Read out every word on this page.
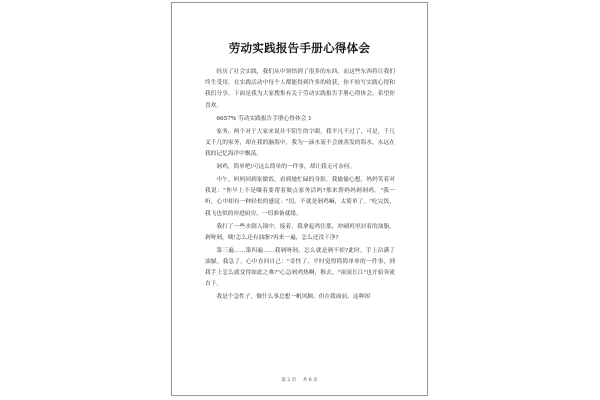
劳动实践报告手册心得体会

经历了社会实践，我们从中领悟到了很多的东西，而这些东西将让我们终生受用。在实践活动中每个人都能得到许多的收获，你不妨写实践心得和我们分享。下面是我为大家搜集有关于劳动实践报告手册心得体会，希望你喜欢。

6657% 劳动实践报告手册心得体会 1

家务，两个对于大家来说并不陌生的字眼。我平凡不过了，可是，千几叉千几的家务，却在我的脑海中，我为一滴水流不会被蒸发的海水，永远在我的记忆海洋中飘荡。

剁鸡，简单吧!可这么简单的一件事，却让我无可奈何。

中午，妈妈回到家做饭。看到她忙碌的身影，我偷偷心想，妈妈笑着对我说："你早上不是嚷着要帮着做点家务活吗?那来帮妈妈剁剁鸡。"我一听，心中却有一种轻松的感觉："切，不就是剁鸡嘛，太简单了。"吃完饭，我飞也似的冲进厨房，一切准备就绪。

我打了一些水倒入锅中，接着，我拿起鸡往那，冲刷鸡里封着的油脂，剁呀剁，咦!怎么还有油脂?再来一遍，怎么还没干净?

第三遍……第四遍……我剁呀剁，怎么就是剁不掉?此时，手上沾满了油腻。我急了，心中直问自己："奇怪了，平时觉得简简单单的一件事，到我手上怎么就变得如此之难?"心急剁鸡热啊，猴去，"滚滚长江"也开始奔流直下。

我是个急性子，做什么事总想一帆风顺。但在我面前，这种困

第 2 页 共 6 页
